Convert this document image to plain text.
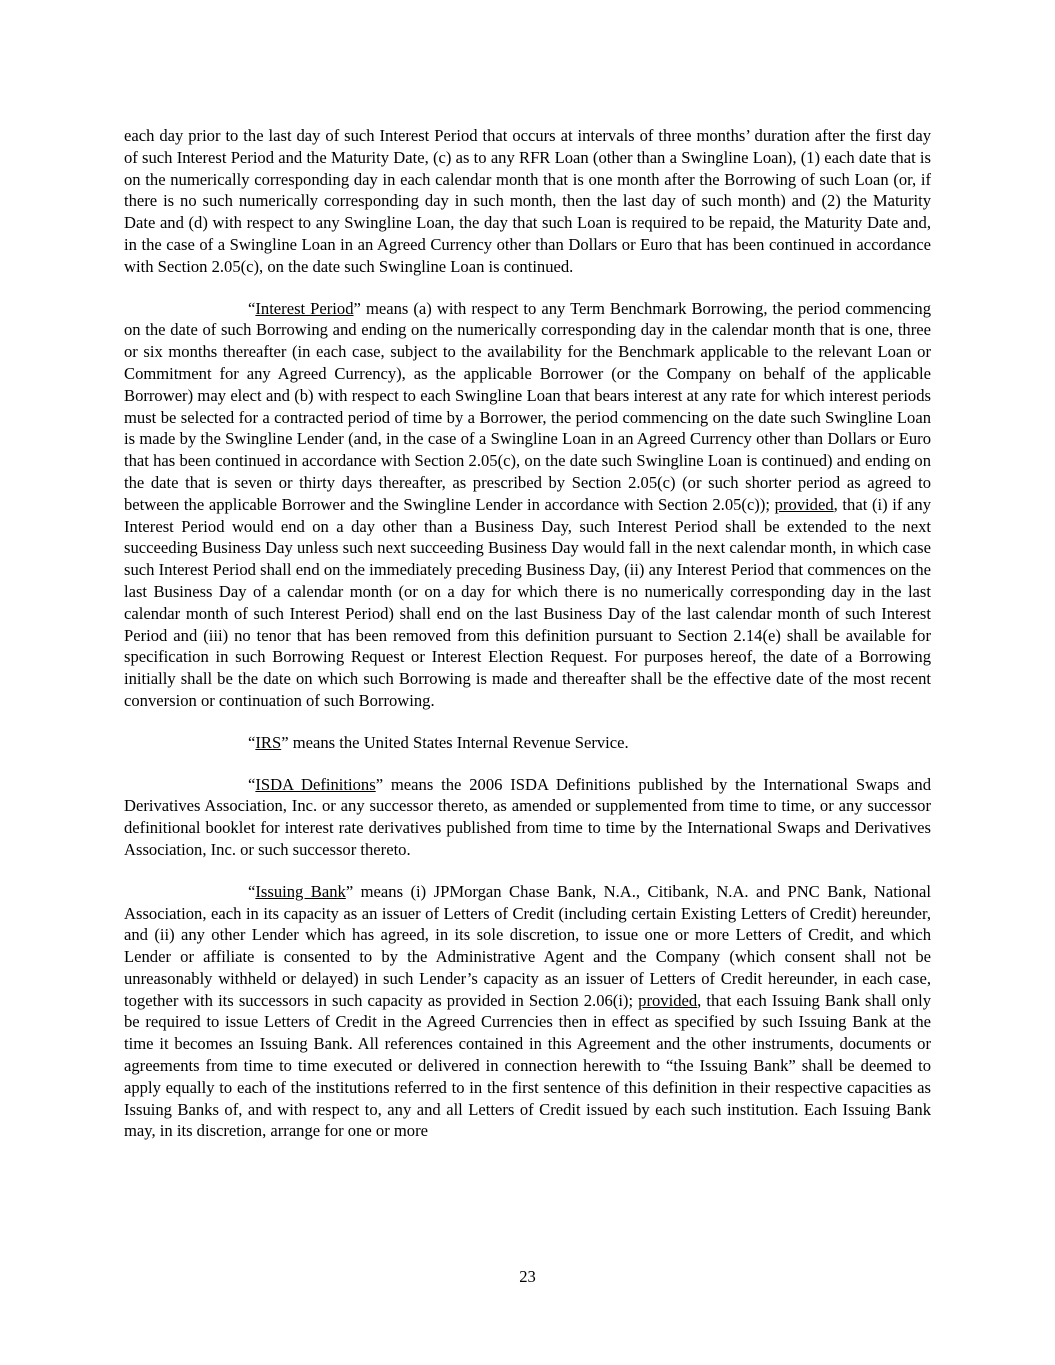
each day prior to the last day of such Interest Period that occurs at intervals of three months’ duration after the first day of such Interest Period and the Maturity Date, (c) as to any RFR Loan (other than a Swingline Loan), (1) each date that is on the numerically corresponding day in each calendar month that is one month after the Borrowing of such Loan (or, if there is no such numerically corresponding day in such month, then the last day of such month) and (2) the Maturity Date and (d) with respect to any Swingline Loan, the day that such Loan is required to be repaid, the Maturity Date and, in the case of a Swingline Loan in an Agreed Currency other than Dollars or Euro that has been continued in accordance with Section 2.05(c), on the date such Swingline Loan is continued.

“Interest Period” means (a) with respect to any Term Benchmark Borrowing, the period commencing on the date of such Borrowing and ending on the numerically corresponding day in the calendar month that is one, three or six months thereafter (in each case, subject to the availability for the Benchmark applicable to the relevant Loan or Commitment for any Agreed Currency), as the applicable Borrower (or the Company on behalf of the applicable Borrower) may elect and (b) with respect to each Swingline Loan that bears interest at any rate for which interest periods must be selected for a contracted period of time by a Borrower, the period commencing on the date such Swingline Loan is made by the Swingline Lender (and, in the case of a Swingline Loan in an Agreed Currency other than Dollars or Euro that has been continued in accordance with Section 2.05(c), on the date such Swingline Loan is continued) and ending on the date that is seven or thirty days thereafter, as prescribed by Section 2.05(c) (or such shorter period as agreed to between the applicable Borrower and the Swingline Lender in accordance with Section 2.05(c)); provided, that (i) if any Interest Period would end on a day other than a Business Day, such Interest Period shall be extended to the next succeeding Business Day unless such next succeeding Business Day would fall in the next calendar month, in which case such Interest Period shall end on the immediately preceding Business Day, (ii) any Interest Period that commences on the last Business Day of a calendar month (or on a day for which there is no numerically corresponding day in the last calendar month of such Interest Period) shall end on the last Business Day of the last calendar month of such Interest Period and (iii) no tenor that has been removed from this definition pursuant to Section 2.14(e) shall be available for specification in such Borrowing Request or Interest Election Request. For purposes hereof, the date of a Borrowing initially shall be the date on which such Borrowing is made and thereafter shall be the effective date of the most recent conversion or continuation of such Borrowing.

“IRS” means the United States Internal Revenue Service.

“ISDA Definitions” means the 2006 ISDA Definitions published by the International Swaps and Derivatives Association, Inc. or any successor thereto, as amended or supplemented from time to time, or any successor definitional booklet for interest rate derivatives published from time to time by the International Swaps and Derivatives Association, Inc. or such successor thereto.

“Issuing Bank” means (i) JPMorgan Chase Bank, N.A., Citibank, N.A. and PNC Bank, National Association, each in its capacity as an issuer of Letters of Credit (including certain Existing Letters of Credit) hereunder, and (ii) any other Lender which has agreed, in its sole discretion, to issue one or more Letters of Credit, and which Lender or affiliate is consented to by the Administrative Agent and the Company (which consent shall not be unreasonably withheld or delayed) in such Lender’s capacity as an issuer of Letters of Credit hereunder, in each case, together with its successors in such capacity as provided in Section 2.06(i); provided, that each Issuing Bank shall only be required to issue Letters of Credit in the Agreed Currencies then in effect as specified by such Issuing Bank at the time it becomes an Issuing Bank. All references contained in this Agreement and the other instruments, documents or agreements from time to time executed or delivered in connection herewith to “the Issuing Bank” shall be deemed to apply equally to each of the institutions referred to in the first sentence of this definition in their respective capacities as Issuing Banks of, and with respect to, any and all Letters of Credit issued by each such institution. Each Issuing Bank may, in its discretion, arrange for one or more

23
